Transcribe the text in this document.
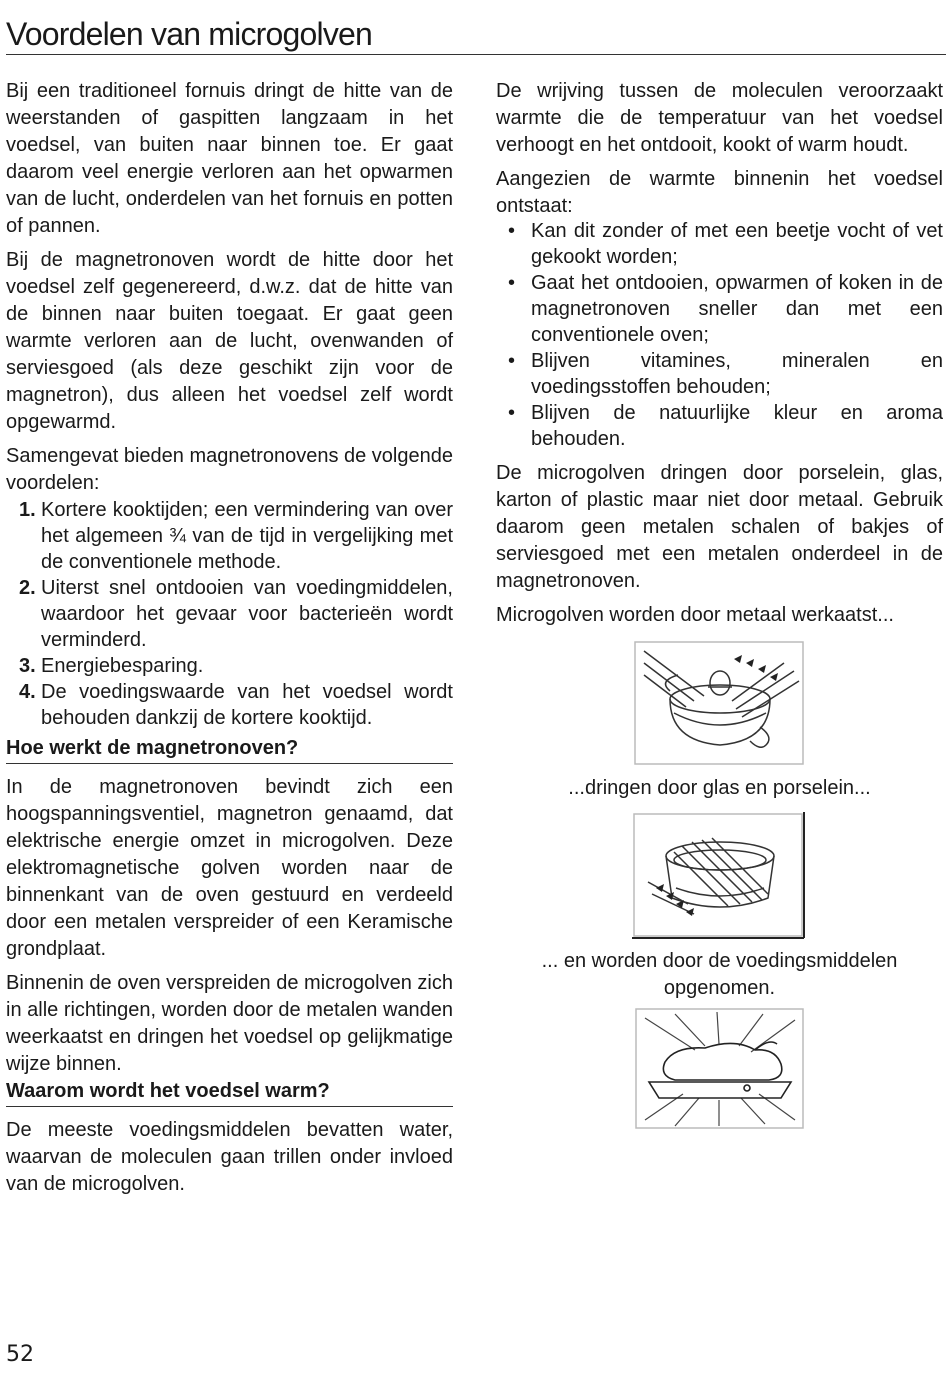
Voordelen van microgolven

Bij een traditioneel fornuis dringt de hitte van de weerstanden of gaspitten langzaam in het voedsel, van buiten naar binnen toe. Er gaat daarom veel energie verloren aan het opwarmen van de lucht, onderdelen van het fornuis en potten of pannen.

Bij de magnetronoven wordt de hitte door het voedsel zelf gegenereerd, d.w.z. dat de hitte van de binnen naar buiten toegaat. Er gaat geen warmte verloren aan de lucht, ovenwanden of serviesgoed (als deze geschikt zijn voor de magnetron), dus alleen het voedsel zelf wordt opgewarmd.

Samengevat bieden magnetronovens de volgende voordelen:

1. Kortere kooktijden; een vermindering van over het algemeen ¾ van de tijd in vergelijking met de conventionele methode.
2. Uiterst snel ontdooien van voedingmiddelen, waardoor het gevaar voor bacterieën wordt verminderd.
3. Energiebesparing.
4. De voedingswaarde van het voedsel wordt behouden dankzij de kortere kooktijd.
Hoe werkt de magnetronoven?

In de magnetronoven bevindt zich een hoogspanningsventiel, magnetron genaamd, dat elektrische energie omzet in microgolven. Deze elektromagnetische golven worden naar de binnenkant van de oven gestuurd en verdeeld door een metalen verspreider of een Keramische grondplaat.

Binnenin de oven verspreiden de microgolven zich in alle richtingen, worden door de metalen wanden weerkaatst en dringen het voedsel op gelijkmatige wijze binnen.

Waarom wordt het voedsel warm?

De meeste voedingsmiddelen bevatten water, waarvan de moleculen gaan trillen onder invloed van de microgolven.

De wrijving tussen de moleculen veroorzaakt warmte die de temperatuur van het voedsel verhoogt en het ontdooit, kookt of warm houdt.

Aangezien de warmte binnenin het voedsel ontstaat:

• Kan dit zonder of met een beetje vocht of vet gekookt worden;
• Gaat het ontdooien, opwarmen of koken in de magnetronoven sneller dan met een conventionele oven;
• Blijven vitamines, mineralen en voedingsstoffen behouden;
• Blijven de natuurlijke kleur en aroma behouden.

De microgolven dringen door porselein, glas, karton of plastic maar niet door metaal. Gebruik daarom geen metalen schalen of bakjes of serviesgoed met een metalen onderdeel in de magnetronoven.

Microgolven worden door metaal werkaatst...

...dringen door glas en porselein...

... en worden door de voedingsmiddelen opgenomen.

52
